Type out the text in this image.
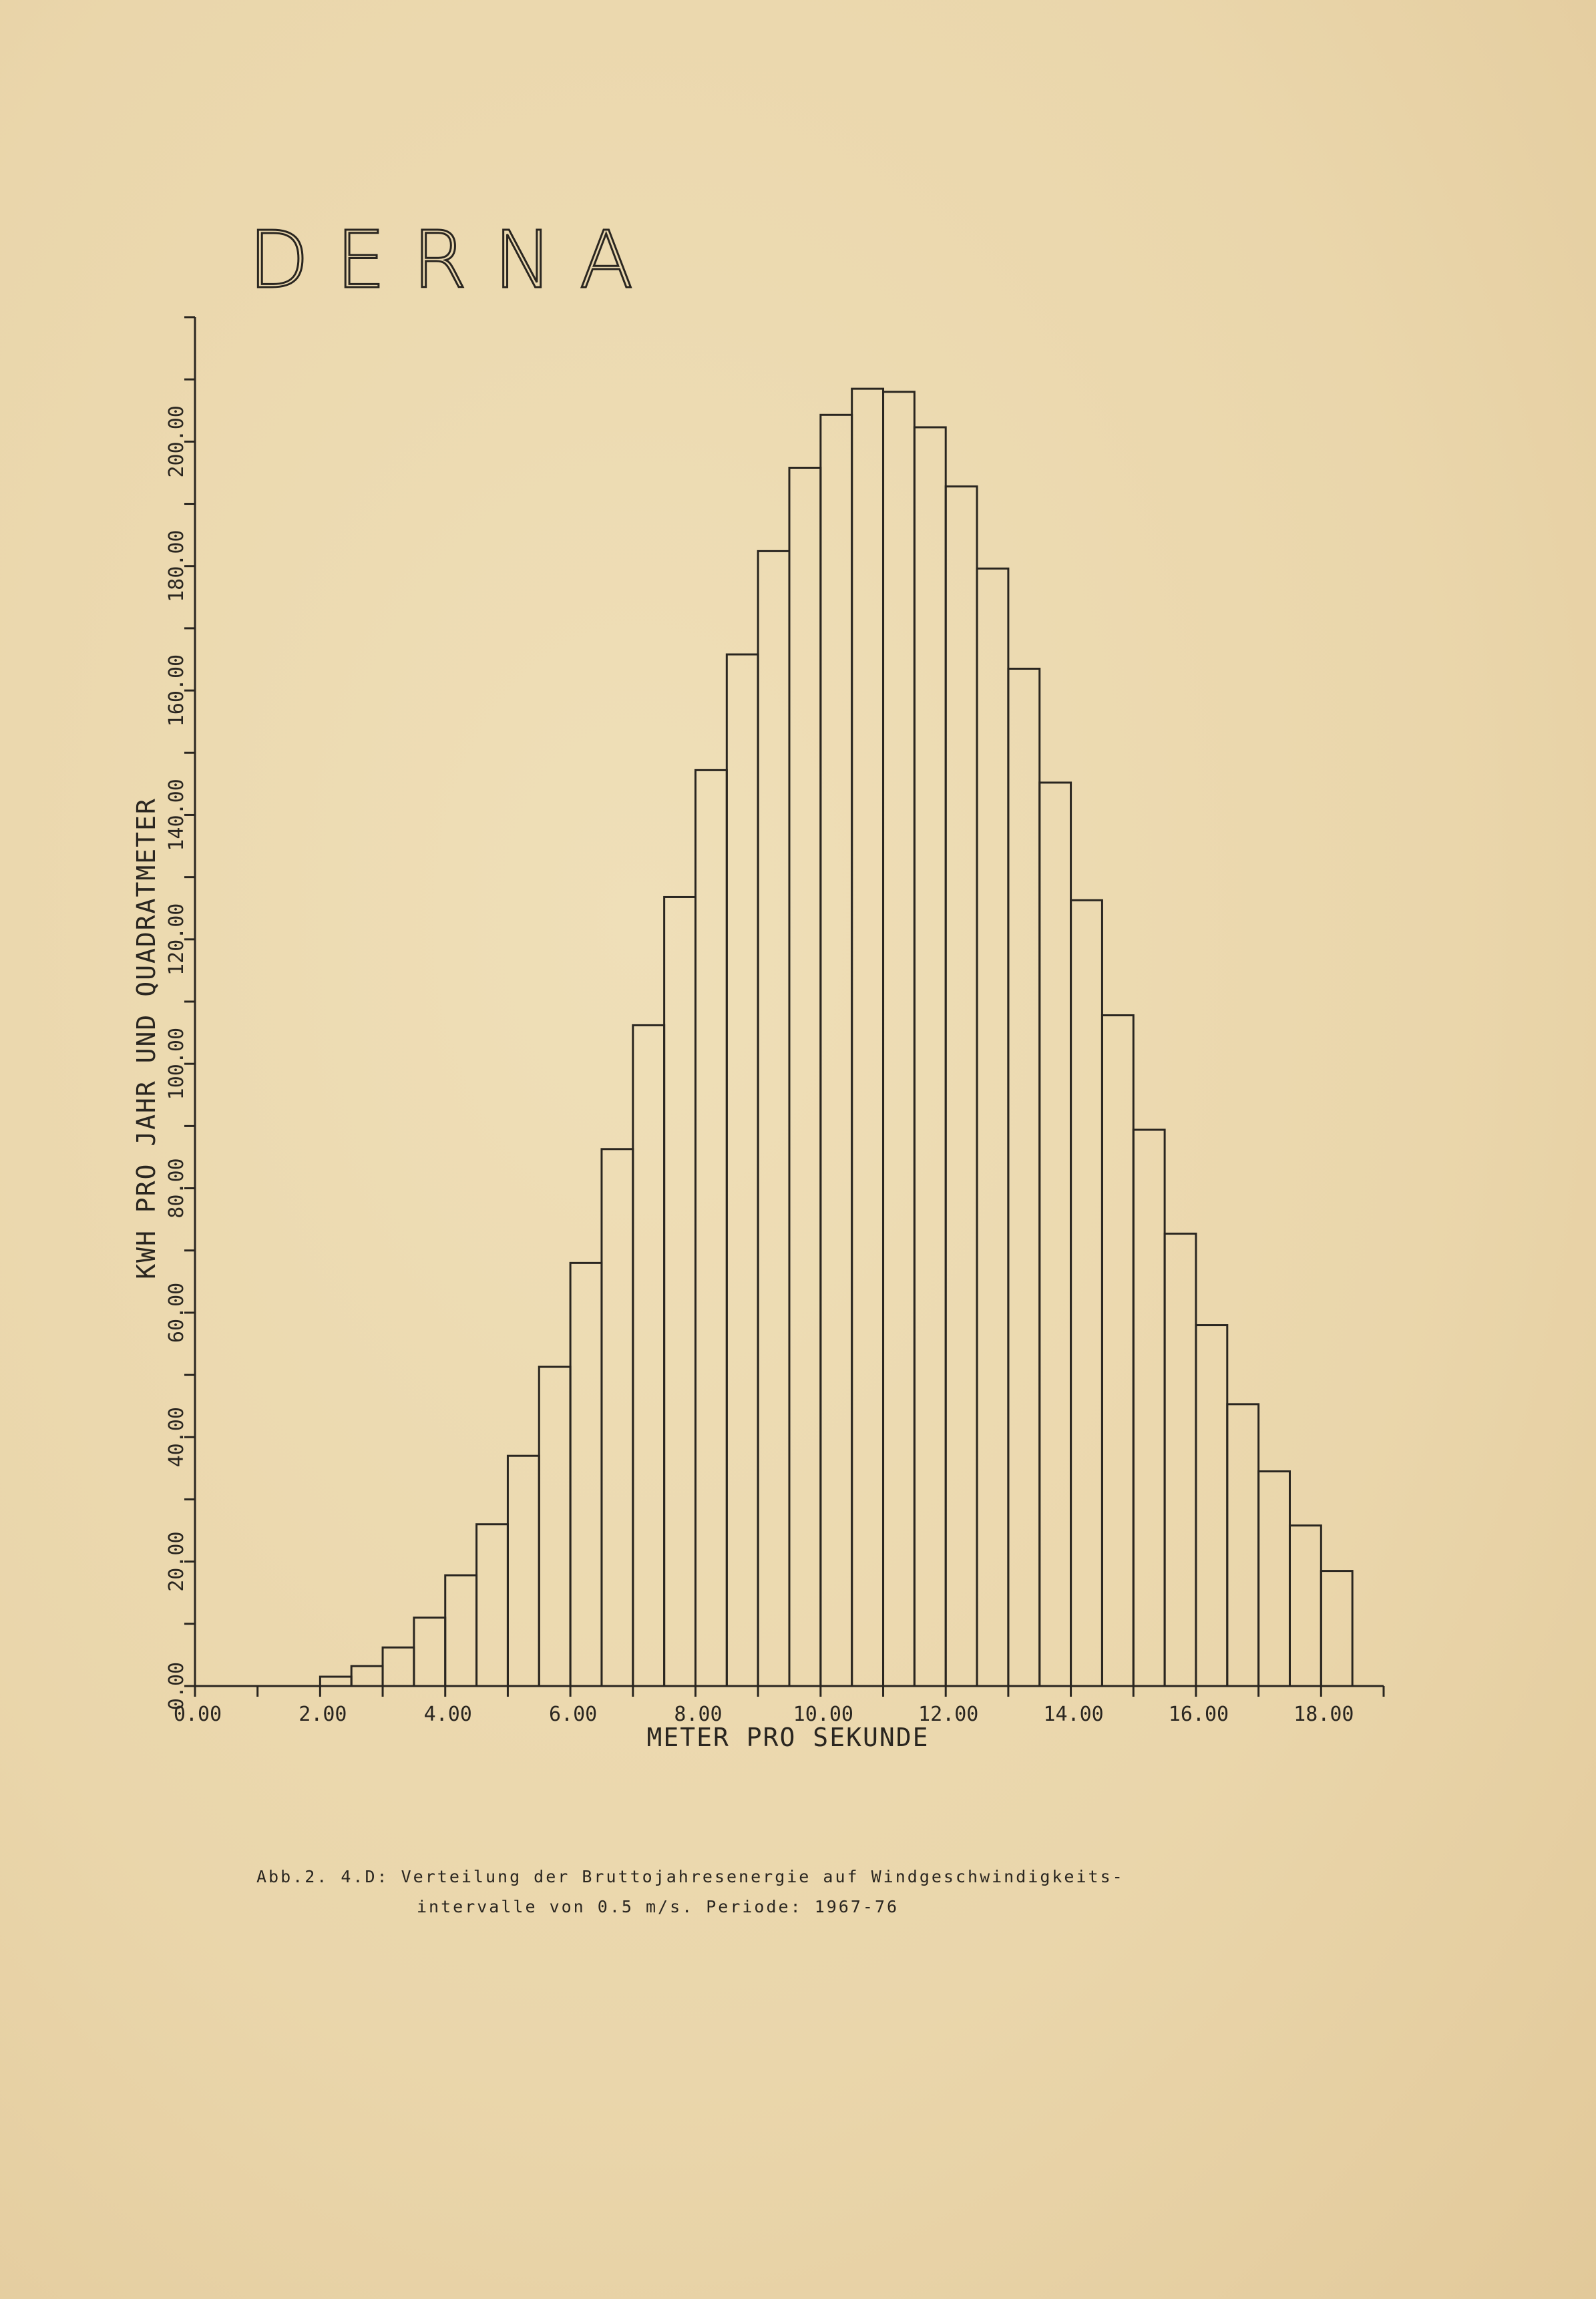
DERNA
0.00	2.00	4.00	6.00	8.00	10.00	12.00	14.00	16.00	18.00
0.00
20.00
40.00
60.00
80.00
100.00
120.00
140.00
160.00
180.00
200.00
METER PRO SEKUNDE
KWH PRO JAHR UND QUADRATMETER
Abb.2. 4.D: Verteilung der Bruttojahresenergie auf Windgeschwindigkeits-
intervalle von 0.5 m/s. Periode: 1967-76
